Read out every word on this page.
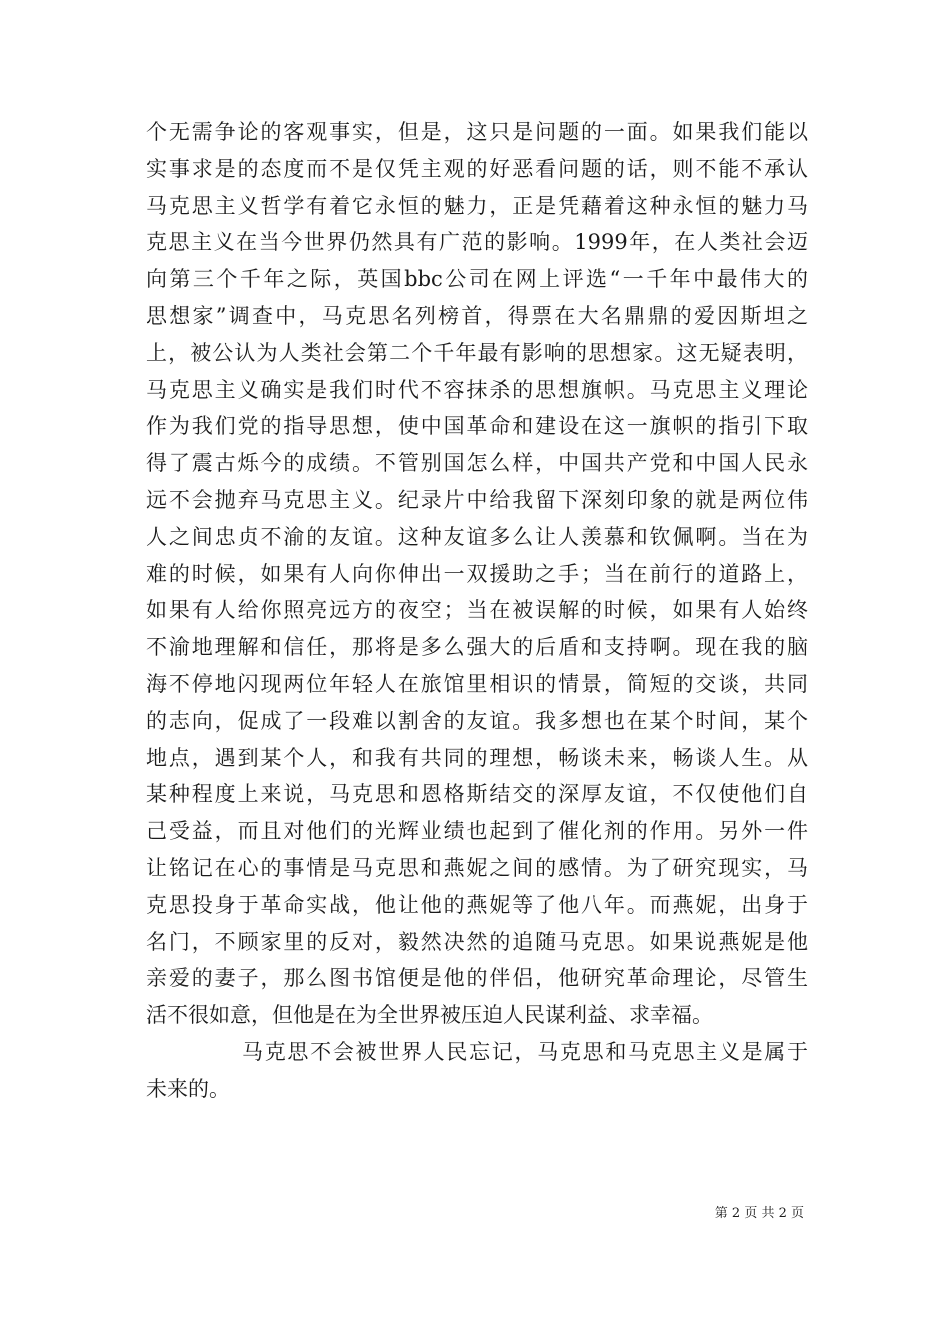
个无需争论的客观事实，但是，这只是问题的一面。如果我们能以
实事求是的态度而不是仅凭主观的好恶看问题的话，则不能不承认
马克思主义哲学有着它永恒的魅力，正是凭藉着这种永恒的魅力马
克思主义在当今世界仍然具有广范的影响。1999年，在人类社会迈
向第三个千年之际，英国bbc公司在网上评选“一千年中最伟大的
思想家”调查中，马克思名列榜首，得票在大名鼎鼎的爱因斯坦之
上，被公认为人类社会第二个千年最有影响的思想家。这无疑表明，
马克思主义确实是我们时代不容抹杀的思想旗帜。马克思主义理论
作为我们党的指导思想，使中国革命和建设在这一旗帜的指引下取
得了震古烁今的成绩。不管别国怎么样，中国共产党和中国人民永
远不会抛弃马克思主义。纪录片中给我留下深刻印象的就是两位伟
人之间忠贞不渝的友谊。这种友谊多么让人羡慕和钦佩啊。当在为
难的时候，如果有人向你伸出一双援助之手；当在前行的道路上，
如果有人给你照亮远方的夜空；当在被误解的时候，如果有人始终
不渝地理解和信任，那将是多么强大的后盾和支持啊。现在我的脑
海不停地闪现两位年轻人在旅馆里相识的情景，简短的交谈，共同
的志向，促成了一段难以割舍的友谊。我多想也在某个时间，某个
地点，遇到某个人，和我有共同的理想，畅谈未来，畅谈人生。从
某种程度上来说，马克思和恩格斯结交的深厚友谊，不仅使他们自
己受益，而且对他们的光辉业绩也起到了催化剂的作用。另外一件
让铭记在心的事情是马克思和燕妮之间的感情。为了研究现实，马
克思投身于革命实战，他让他的燕妮等了他八年。而燕妮，出身于
名门，不顾家里的反对，毅然决然的追随马克思。如果说燕妮是他
亲爱的妻子，那么图书馆便是他的伴侣，他研究革命理论，尽管生
活不很如意，但他是在为全世界被压迫人民谋利益、求幸福。
马克思不会被世界人民忘记，马克思和马克思主义是属于
未来的。
第 2 页 共 2 页
